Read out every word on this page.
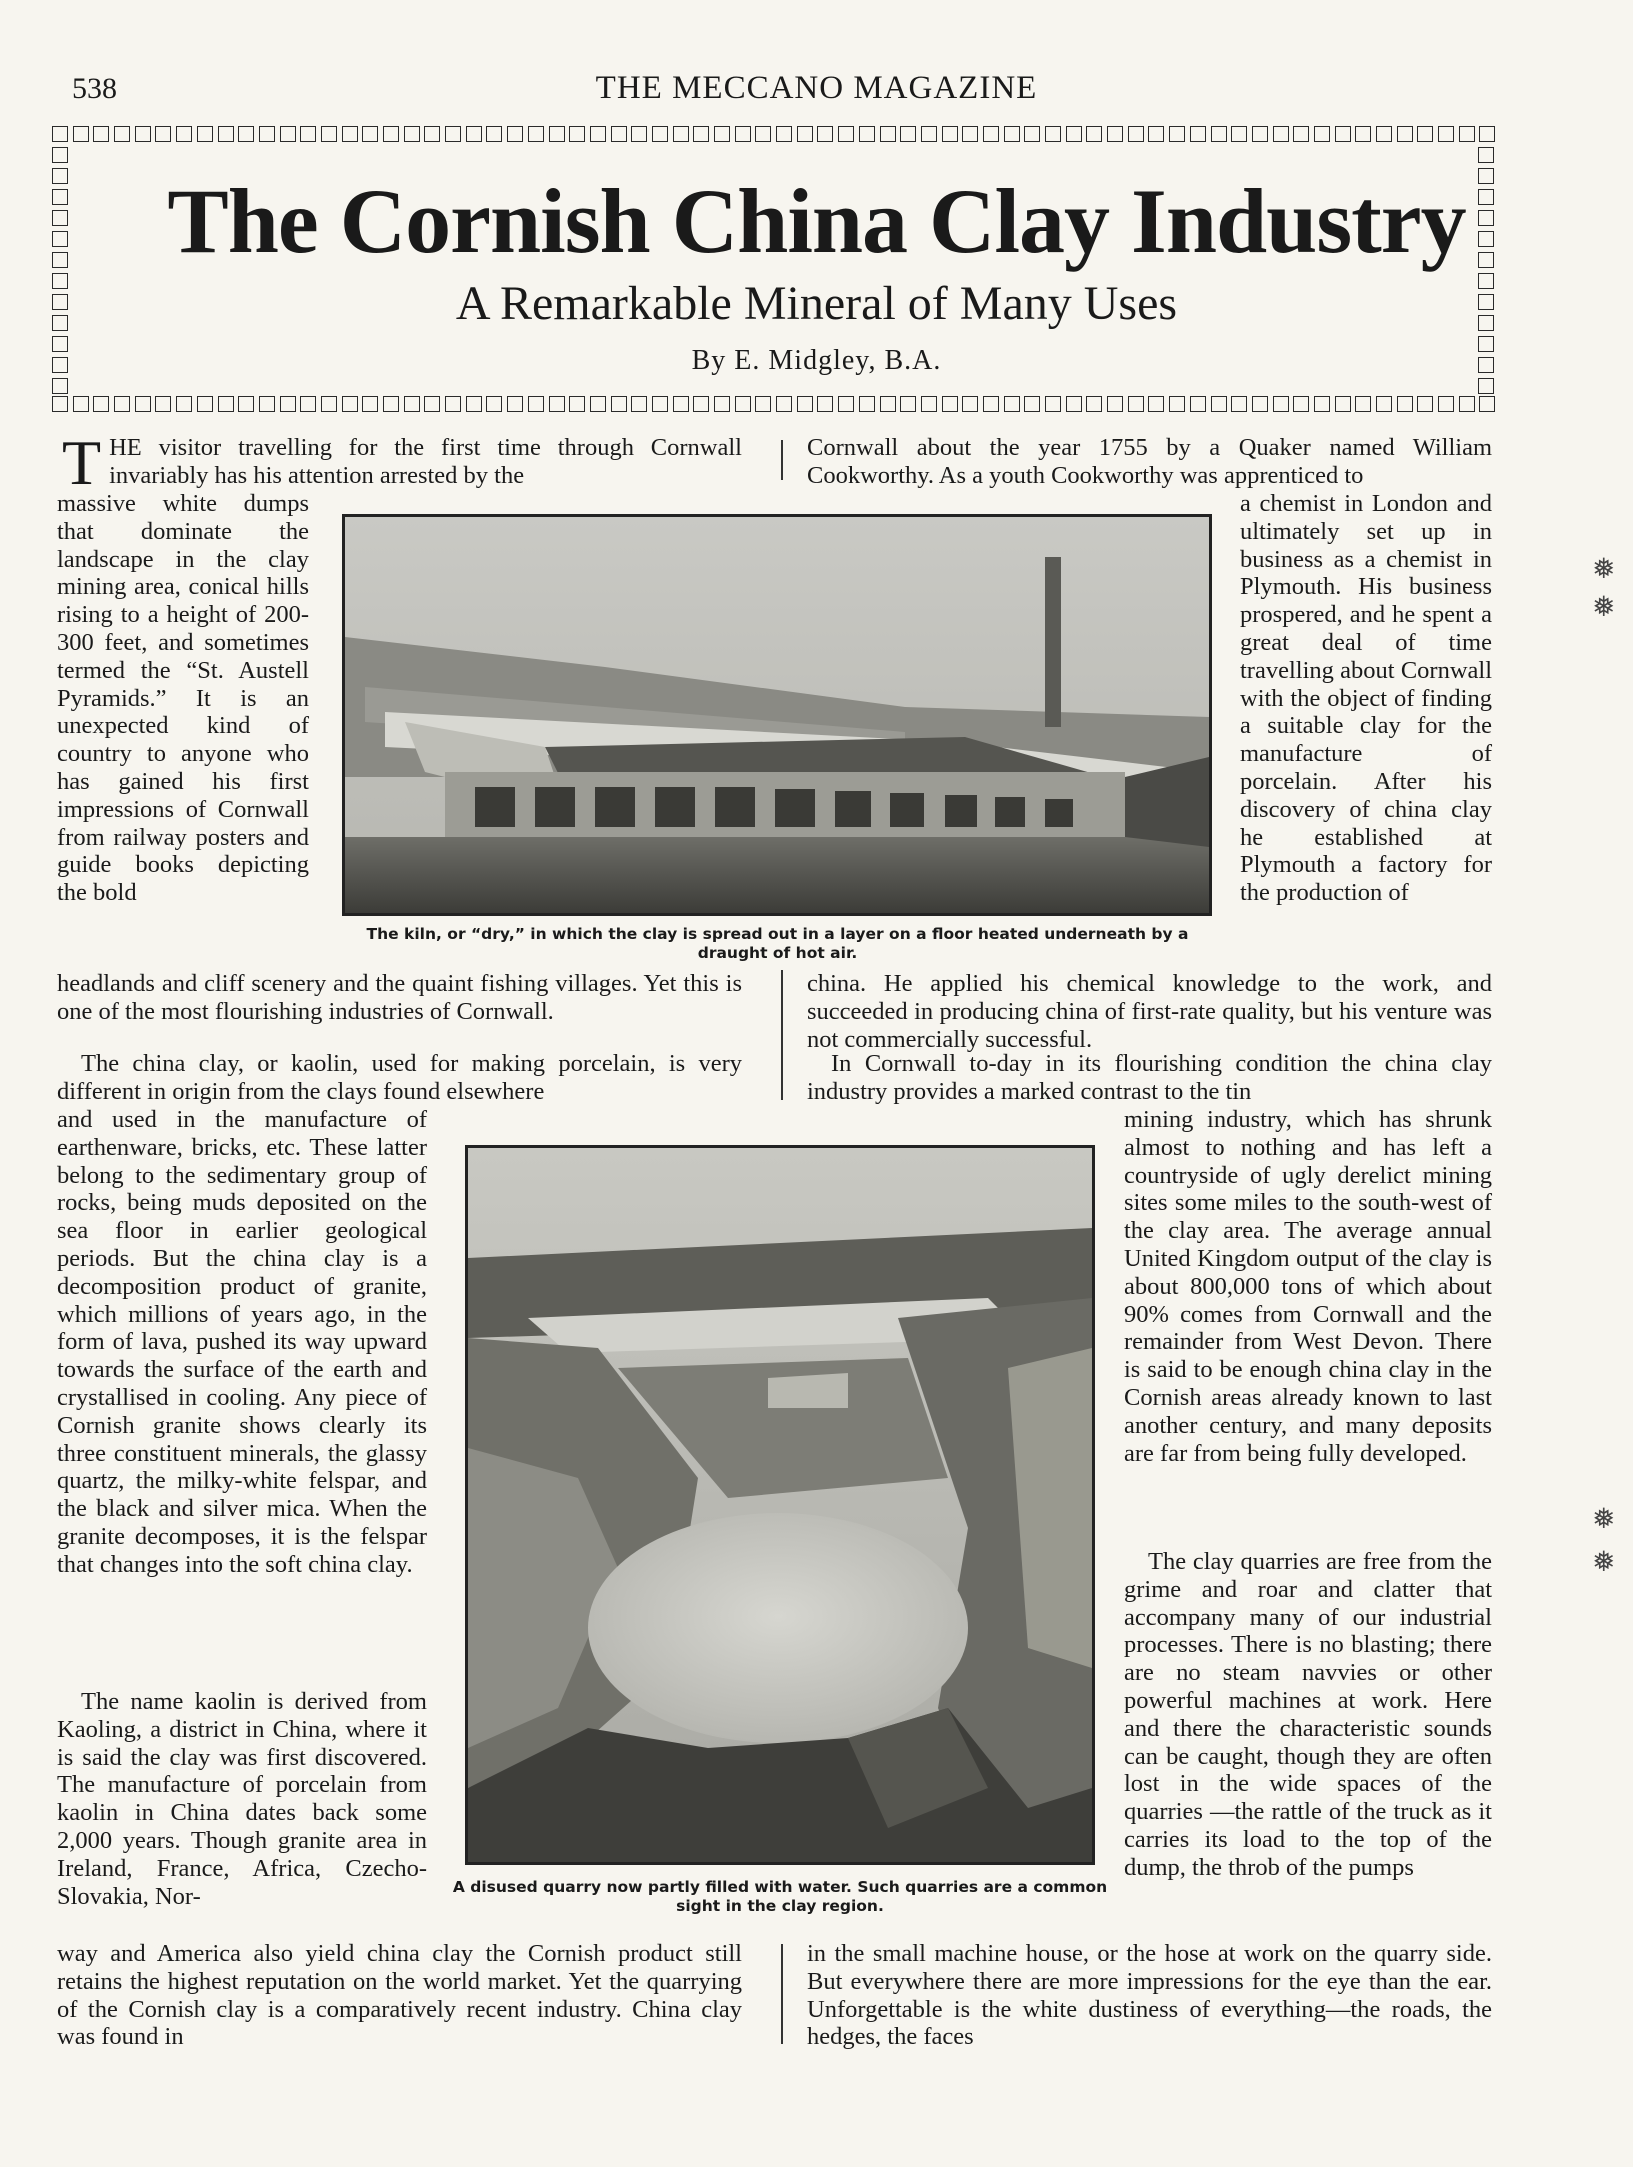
538	THE MECCANO MAGAZINE
The Cornish China Clay Industry
A Remarkable Mineral of Many Uses
By E. Midgley, B.A.
T HE visitor travelling for the first time through Cornwall invariably has his attention arrested by the
massive white dumps that dominate the landscape in the clay mining area, conical hills rising to a height of 200-300 feet, and sometimes termed the “St. Austell Pyramids.” It is an unexpected kind of country to anyone who has gained his first impressions of Cornwall from railway posters and guide books depicting the bold
headlands and cliff scenery and the quaint fishing villages. Yet this is one of the most flourishing industries of Cornwall.
The china clay, or kaolin, used for making porcelain, is very different in origin from the clays found elsewhere
and used in the manufacture of earthenware, bricks, etc. These latter belong to the sedimentary group of rocks, being muds deposited on the sea floor in earlier geological periods. But the china clay is a decomposition product of granite, which millions of years ago, in the form of lava, pushed its way upward towards the surface of the earth and crystallised in cooling. Any piece of Cornish granite shows clearly its three constituent minerals, the glassy quartz, the milky-white felspar, and the black and silver mica. When the granite decomposes, it is the felspar that changes into the soft china clay.
The name kaolin is derived from Kaoling, a district in China, where it is said the clay was first discovered. The manufacture of porcelain from kaolin in China dates back some 2,000 years. Though granite area in Ireland, France, Africa, Czecho-Slovakia, Nor-
way and America also yield china clay the Cornish product still retains the highest reputation on the world market. Yet the quarrying of the Cornish clay is a comparatively recent industry. China clay was found in
Cornwall about the year 1755 by a Quaker named William Cookworthy. As a youth Cookworthy was apprenticed to
a chemist in London and ultimately set up in business as a chemist in Plymouth. His business prospered, and he spent a great deal of time travelling about Cornwall with the object of finding a suitable clay for the manufacture of porcelain. After his discovery of china clay he established at Plymouth a factory for the production of
china. He applied his chemical knowledge to the work, and succeeded in producing china of first-rate quality, but his venture was not commercially successful.
In Cornwall to-day in its flourishing condition the china clay industry provides a marked contrast to the tin
mining industry, which has shrunk almost to nothing and has left a countryside of ugly derelict mining sites some miles to the south-west of the clay area. The average annual United Kingdom output of the clay is about 800,000 tons of which about 90% comes from Cornwall and the remainder from West Devon. There is said to be enough china clay in the Cornish areas already known to last another century, and many deposits are far from being fully developed.
The clay quarries are free from the grime and roar and clatter that accompany many of our industrial processes. There is no blasting; there are no steam navvies or other powerful machines at work. Here and there the characteristic sounds can be caught, though they are often lost in the wide spaces of the quarries —the rattle of the truck as it carries its load to the top of the dump, the throb of the pumps
in the small machine house, or the hose at work on the quarry side. But everywhere there are more impressions for the eye than the ear. Unforgettable is the white dustiness of everything—the roads, the hedges, the faces
The kiln, or “dry,” in which the clay is spread out in a layer on a floor heated underneath by a draught of hot air.
A disused quarry now partly filled with water. Such quarries are a common sight in the clay region.
❅
❅
❅
❅
